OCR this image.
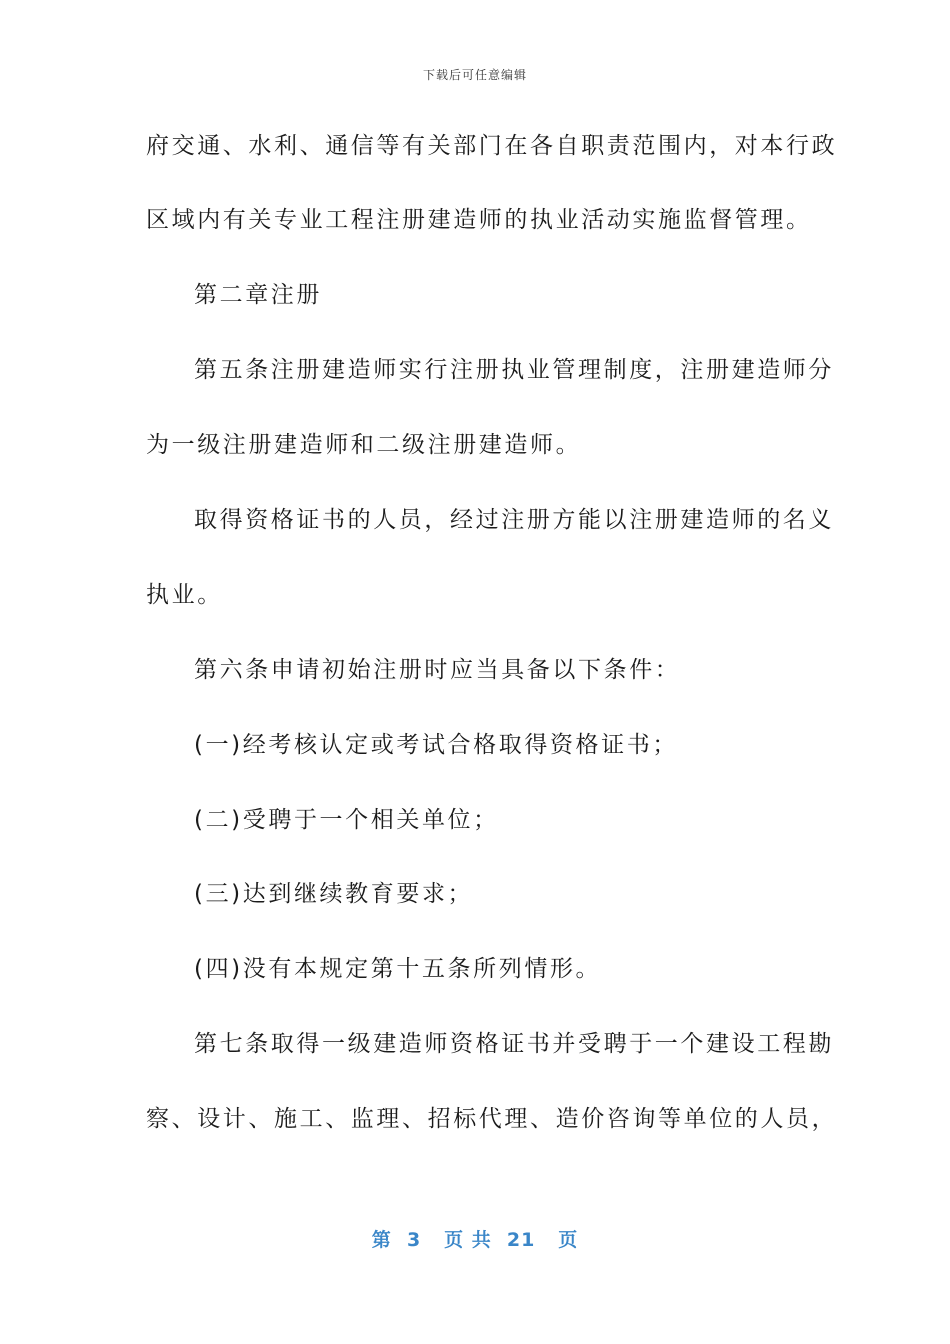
下载后可任意编辑
府交通、水利、通信等有关部门在各自职责范围内，对本行政
区域内有关专业工程注册建造师的执业活动实施监督管理。
第二章注册
第五条注册建造师实行注册执业管理制度，注册建造师分
为一级注册建造师和二级注册建造师。
取得资格证书的人员，经过注册方能以注册建造师的名义
执业。
第六条申请初始注册时应当具备以下条件：
(一)经考核认定或考试合格取得资格证书；
(二)受聘于一个相关单位；
(三)达到继续教育要求；
(四)没有本规定第十五条所列情形。
第七条取得一级建造师资格证书并受聘于一个建设工程勘
察、设计、施工、监理、招标代理、造价咨询等单位的人员，
第  3   页 共  21   页
